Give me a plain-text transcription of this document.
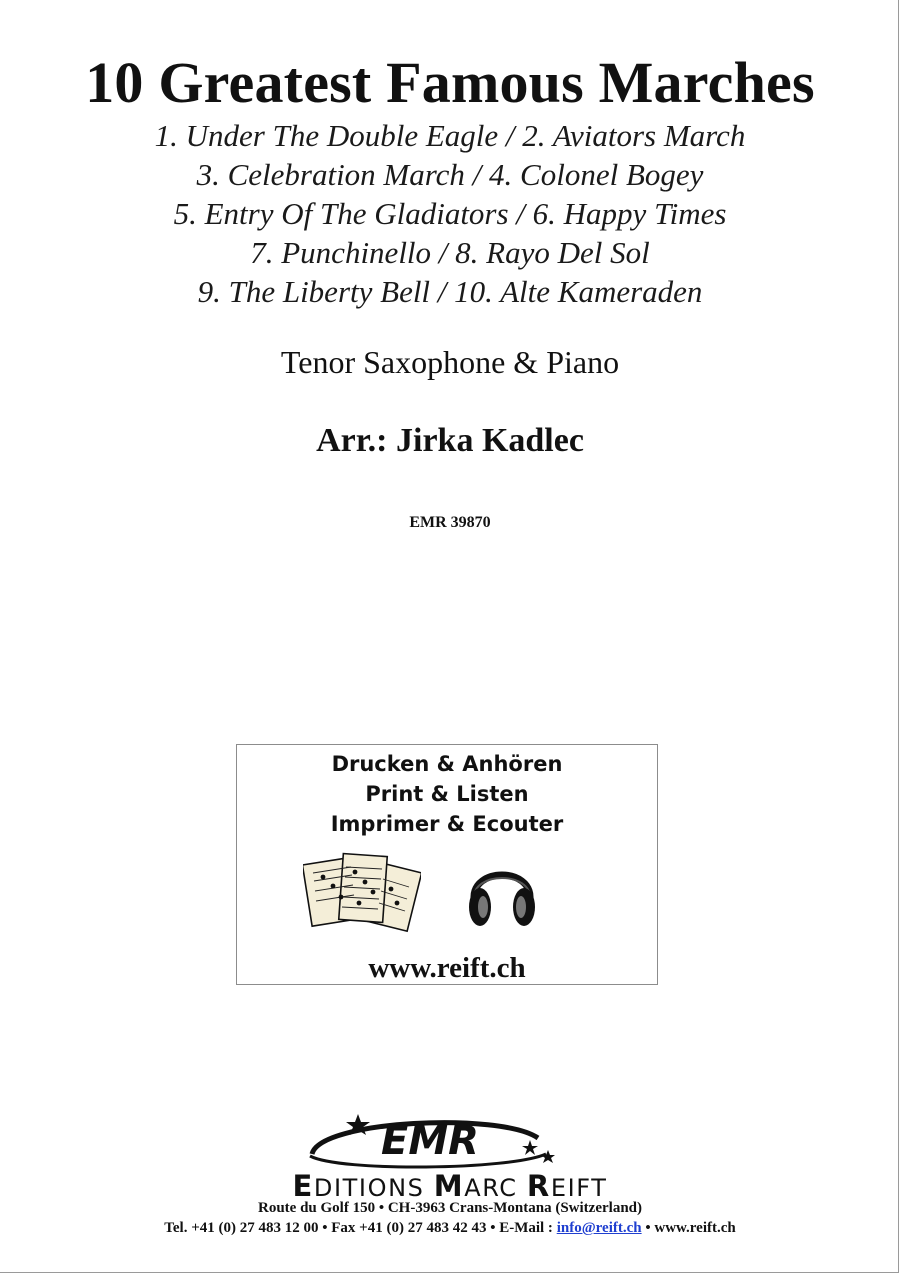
10 Greatest Famous Marches
1. Under The Double Eagle / 2. Aviators March
3. Celebration March / 4. Colonel Bogey
5. Entry Of The Gladiators / 6. Happy Times
7. Punchinello / 8. Rayo Del Sol
9. The Liberty Bell / 10. Alte Kameraden
Tenor Saxophone & Piano
Arr.: Jirka Kadlec
EMR 39870
Drucken & Anhören
Print & Listen
Imprimer & Ecouter
www.reift.ch
EMR
EDITIONS MARC REIFT
Route du Golf 150 • CH-3963 Crans-Montana (Switzerland)
Tel. +41 (0) 27 483 12 00 • Fax +41 (0) 27 483 42 43 • E-Mail : info@reift.ch • www.reift.ch
